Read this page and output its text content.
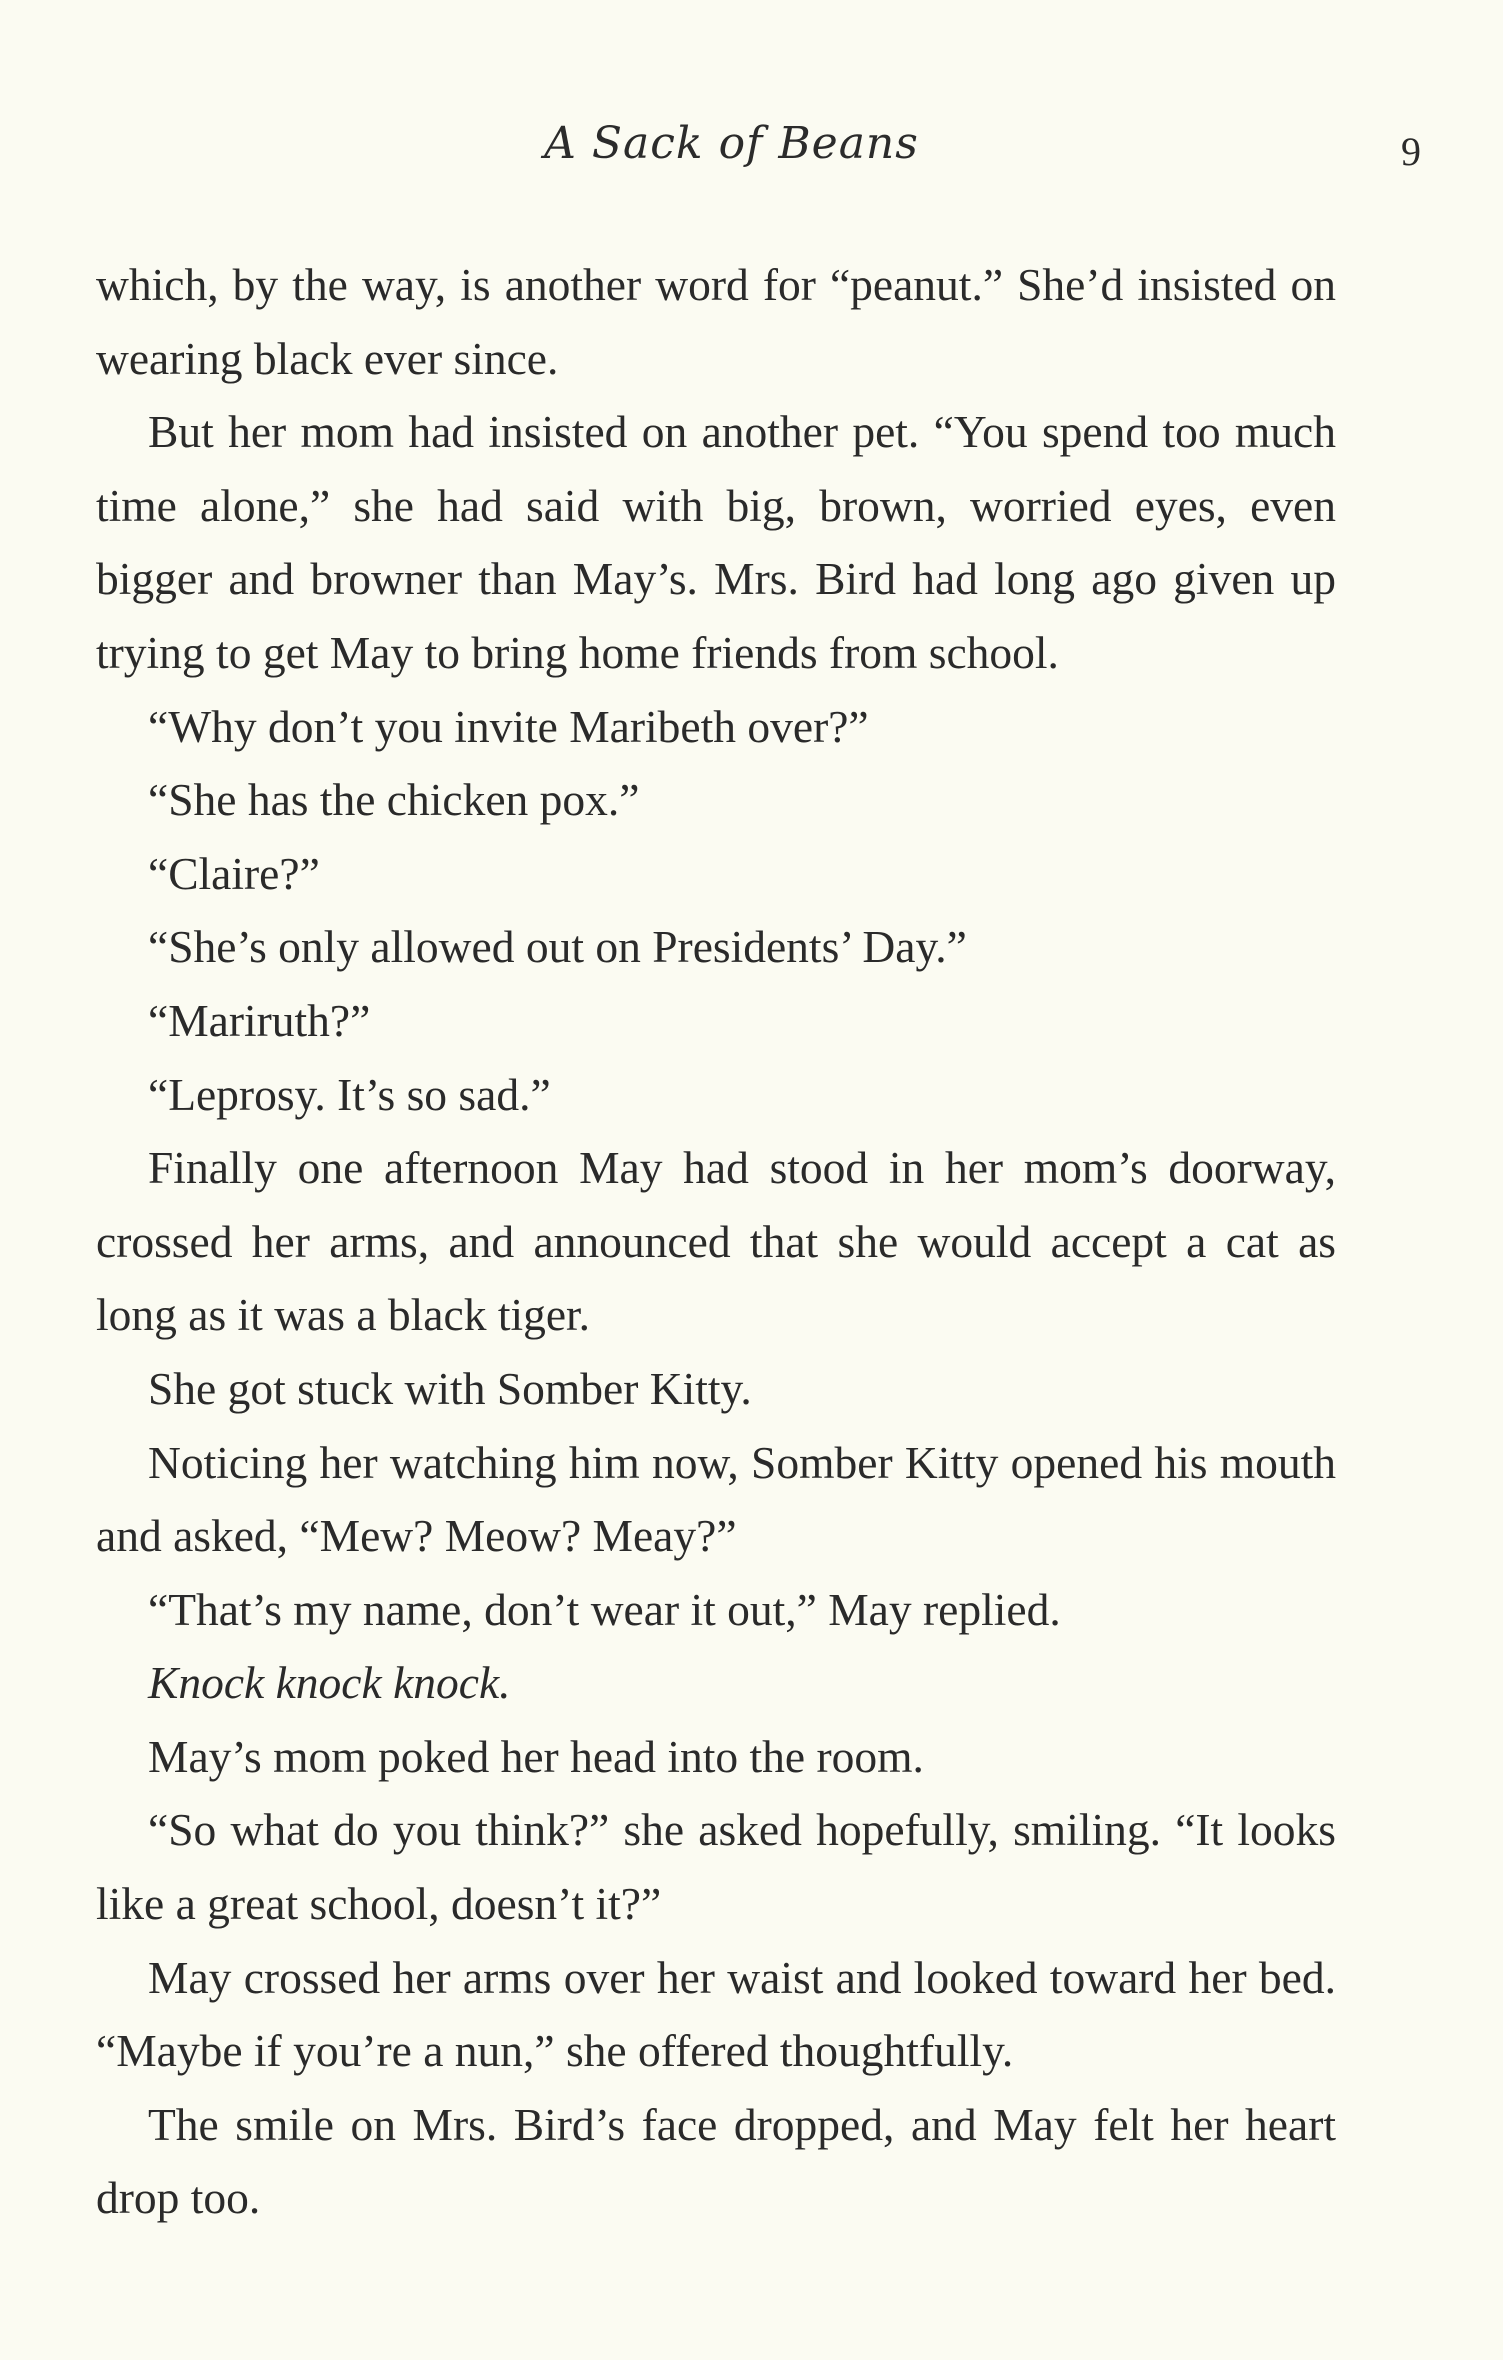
A Sack of Beans	9

which, by the way, is another word for “peanut.” She’d insisted on wearing black ever since.

But her mom had insisted on another pet. “You spend too much time alone,” she had said with big, brown, worried eyes, even bigger and browner than May’s. Mrs. Bird had long ago given up trying to get May to bring home friends from school.

“Why don’t you invite Maribeth over?”

“She has the chicken pox.”

“Claire?”

“She’s only allowed out on Presidents’ Day.”

“Mariruth?”

“Leprosy. It’s so sad.”

Finally one afternoon May had stood in her mom’s doorway, crossed her arms, and announced that she would accept a cat as long as it was a black tiger.

She got stuck with Somber Kitty.

Noticing her watching him now, Somber Kitty opened his mouth and asked, “Mew? Meow? Meay?”

“That’s my name, don’t wear it out,” May replied.

Knock knock knock.

May’s mom poked her head into the room.

“So what do you think?” she asked hopefully, smiling. “It looks like a great school, doesn’t it?”

May crossed her arms over her waist and looked toward her bed. “Maybe if you’re a nun,” she offered thoughtfully.

The smile on Mrs. Bird’s face dropped, and May felt her heart drop too.
